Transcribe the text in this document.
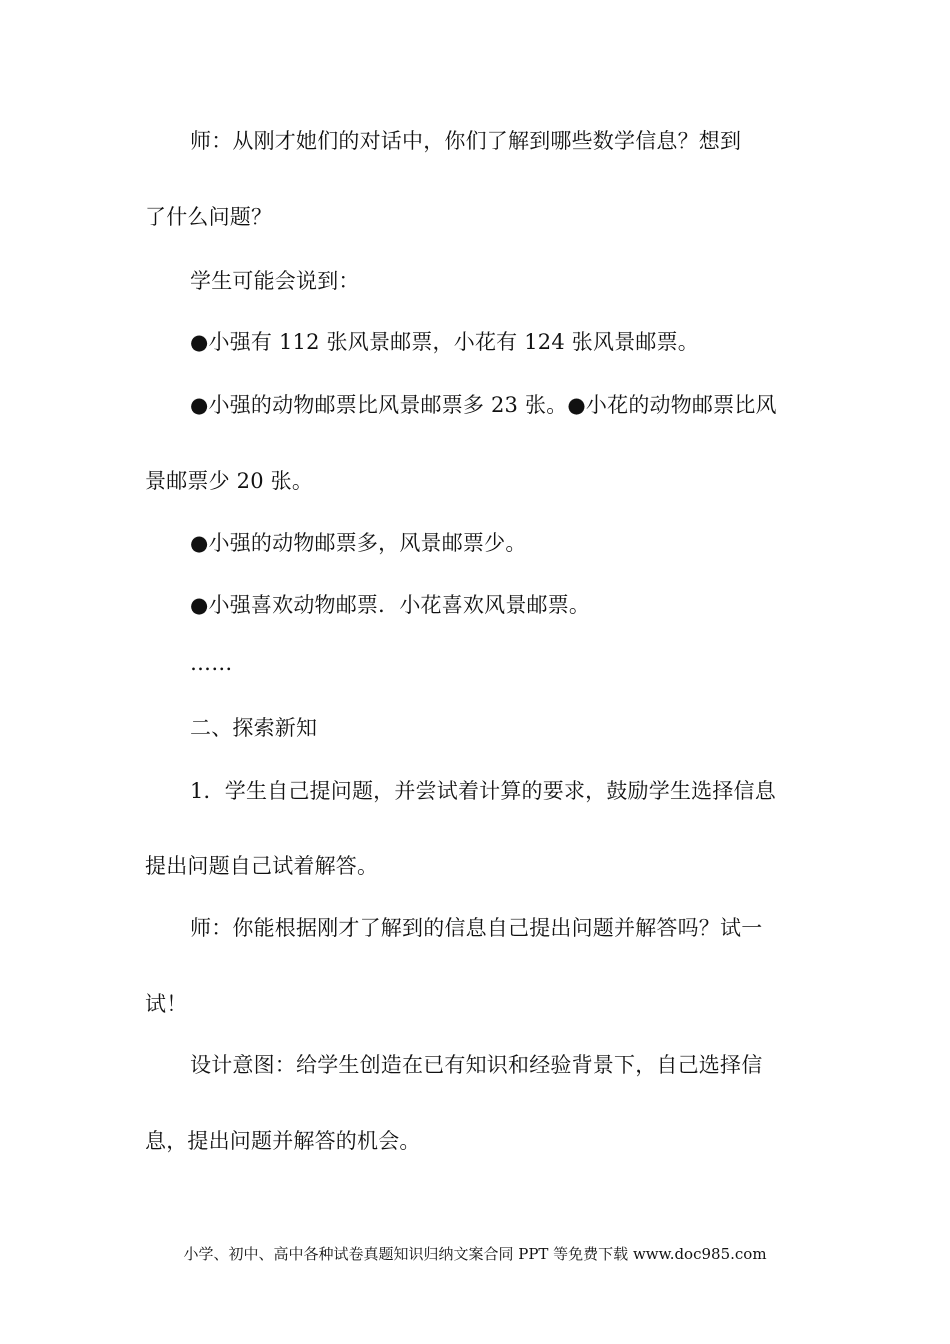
师：从刚才她们的对话中，你们了解到哪些数学信息？想到
了什么问题？
学生可能会说到：
●小强有 112 张风景邮票，小花有 124 张风景邮票。
●小强的动物邮票比风景邮票多 23 张。●小花的动物邮票比风
景邮票少 20 张。
●小强的动物邮票多，风景邮票少。
●小强喜欢动物邮票．小花喜欢风景邮票。
……
二、探索新知
1．学生自己提问题，并尝试着计算的要求，鼓励学生选择信息
提出问题自己试着解答。
师：你能根据刚才了解到的信息自己提出问题并解答吗？试一
试！
设计意图：给学生创造在已有知识和经验背景下，自己选择信
息，提出问题并解答的机会。
小学、初中、高中各种试卷真题知识归纳文案合同 PPT 等免费下载 www.doc985.com
